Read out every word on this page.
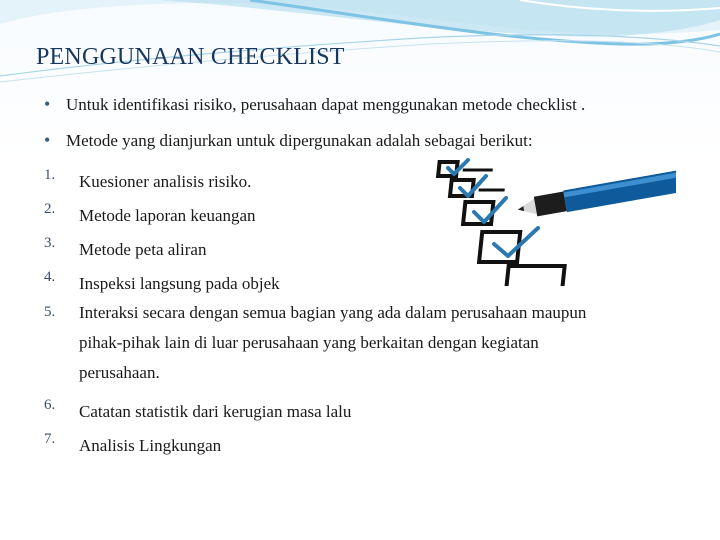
PENGGUNAAN CHECKLIST
• Untuk identifikasi risiko, perusahaan dapat menggunakan metode checklist .
• Metode yang dianjurkan untuk dipergunakan adalah sebagai berikut:
1. Kuesioner analisis risiko.
2. Metode laporan keuangan
3. Metode peta aliran
4. Inspeksi langsung pada objek
5. Interaksi secara dengan semua bagian yang ada dalam perusahaan maupun
pihak-pihak lain di luar perusahaan yang berkaitan dengan kegiatan
perusahaan.
6. Catatan statistik dari kerugian masa lalu
7. Analisis Lingkungan
